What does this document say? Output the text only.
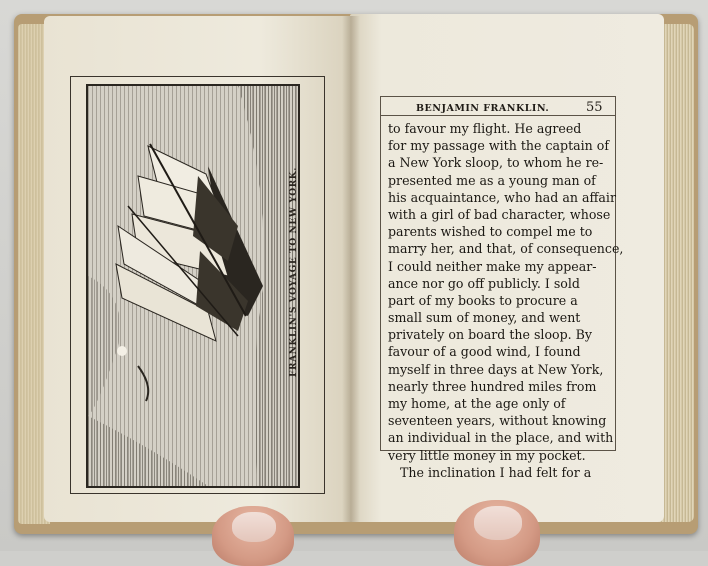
FRANKLIN'S VOYAGE TO NEW YORK.
BENJAMIN FRANKLIN.	55
to favour my flight. He agreed
for my passage with the captain of
a New York sloop, to whom he re-
presented me as a young man of
his acquaintance, who had an affair
with a girl of bad character, whose
parents wished to compel me to
marry her, and that, of consequence,
I could neither make my appear-
ance nor go off publicly. I sold
part of my books to procure a
small sum of money, and went
privately on board the sloop. By
favour of a good wind, I found
myself in three days at New York,
nearly three hundred miles from
my home, at the age only of
seventeen years, without knowing
an individual in the place, and with
very little money in my pocket.
The inclination I had felt for a
